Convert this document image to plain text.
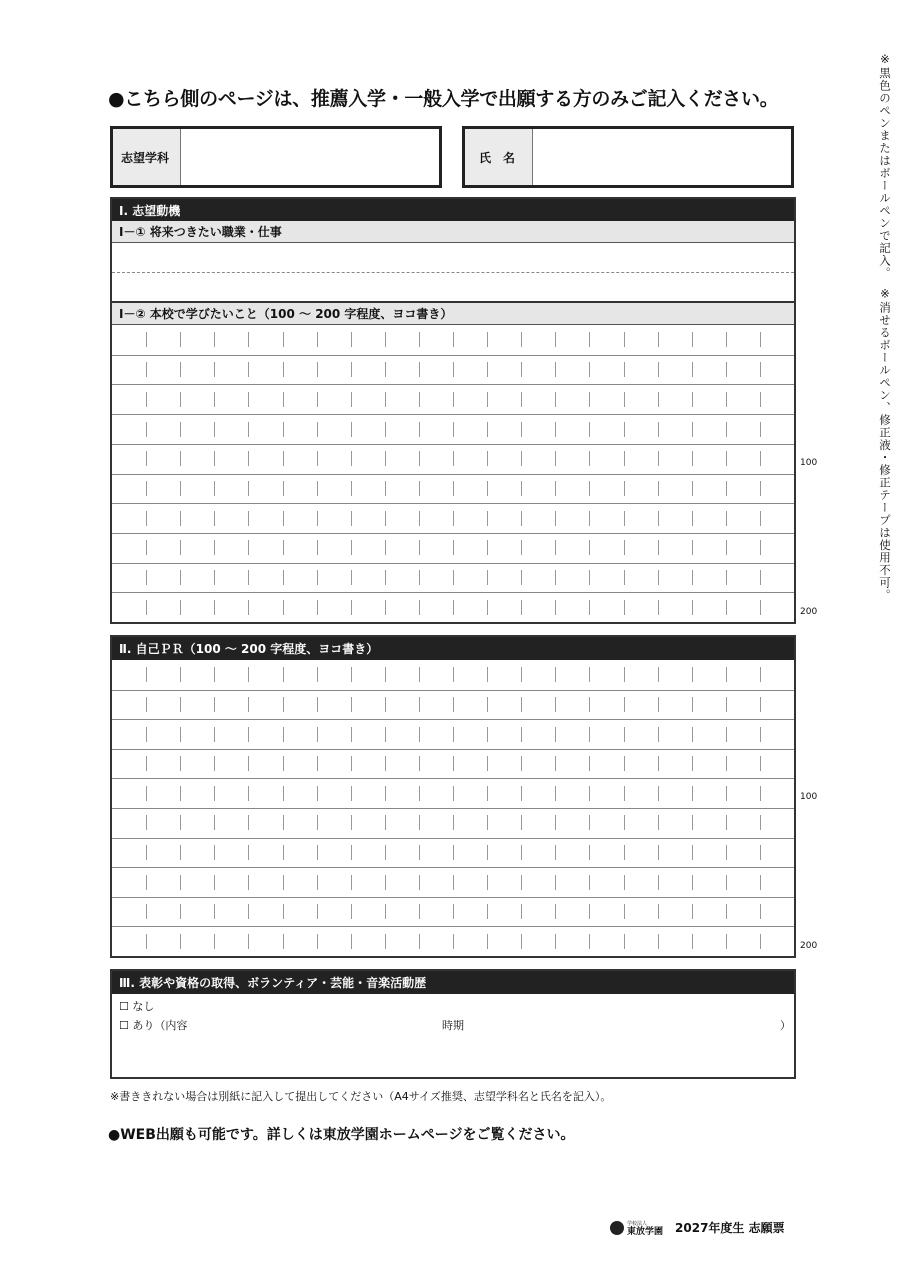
※黒色のペンまたはボールペンで記入。　※消せるボールペン、修正液・修正テープは使用不可。
●こちら側のページは、推薦入学・一般入学で出願する方のみご記入ください。
志望学科	氏　名
Ⅰ. 志望動機
Ⅰ－① 将来つきたい職業・仕事
Ⅰ－② 本校で学びたいこと（100 ～ 200 字程度、ヨコ書き）
100
200
Ⅱ. 自己ＰＲ（100 ～ 200 字程度、ヨコ書き）
100
200
Ⅲ. 表彰や資格の取得、ボランティア・芸能・音楽活動歴
☐ なし
☐ あり（内容	時期	）
※書ききれない場合は別紙に記入して提出してください（A4サイズ推奨、志望学科名と氏名を記入）。
●WEB出願も可能です。詳しくは東放学園ホームページをご覧ください。
学校法人
東放学園 2027年度生 志願票
